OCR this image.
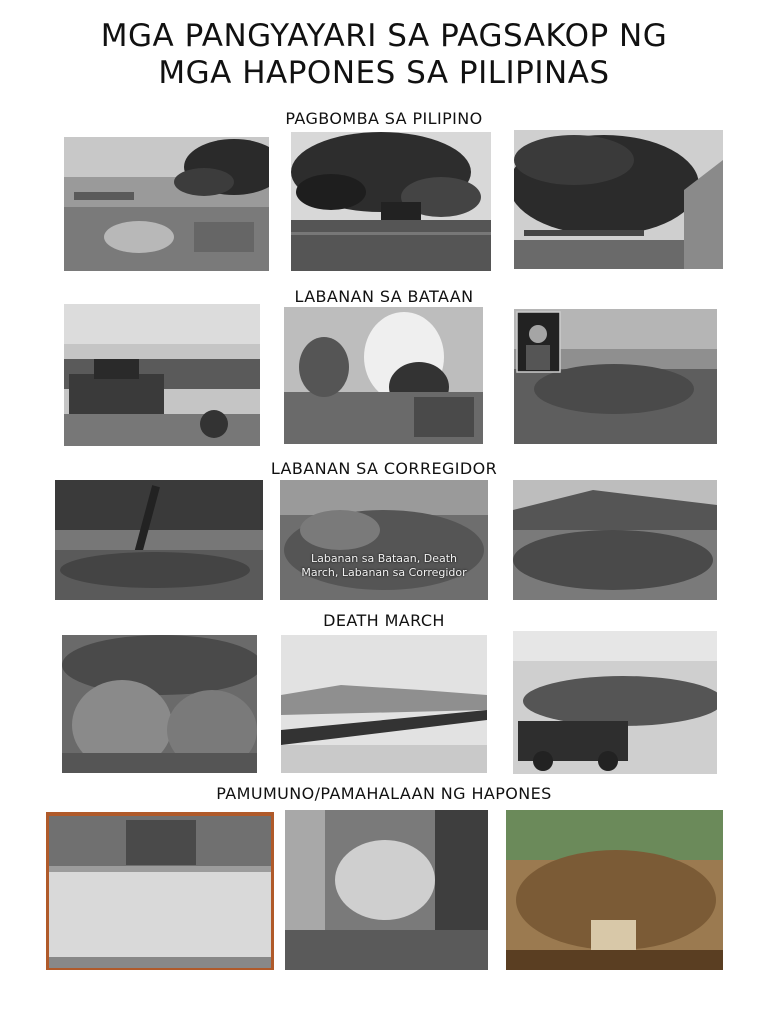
MGA PANGYAYARI SA PAGSAKOP NG
MGA HAPONES SA PILIPINAS
PAGBOMBA SA PILIPINO
LABANAN SA BATAAN
LABANAN SA CORREGIDOR
Labanan sa Bataan, Death March, Labanan sa Corregidor
DEATH MARCH
PAMUMUNO/PAMAHALAAN NG HAPONES
